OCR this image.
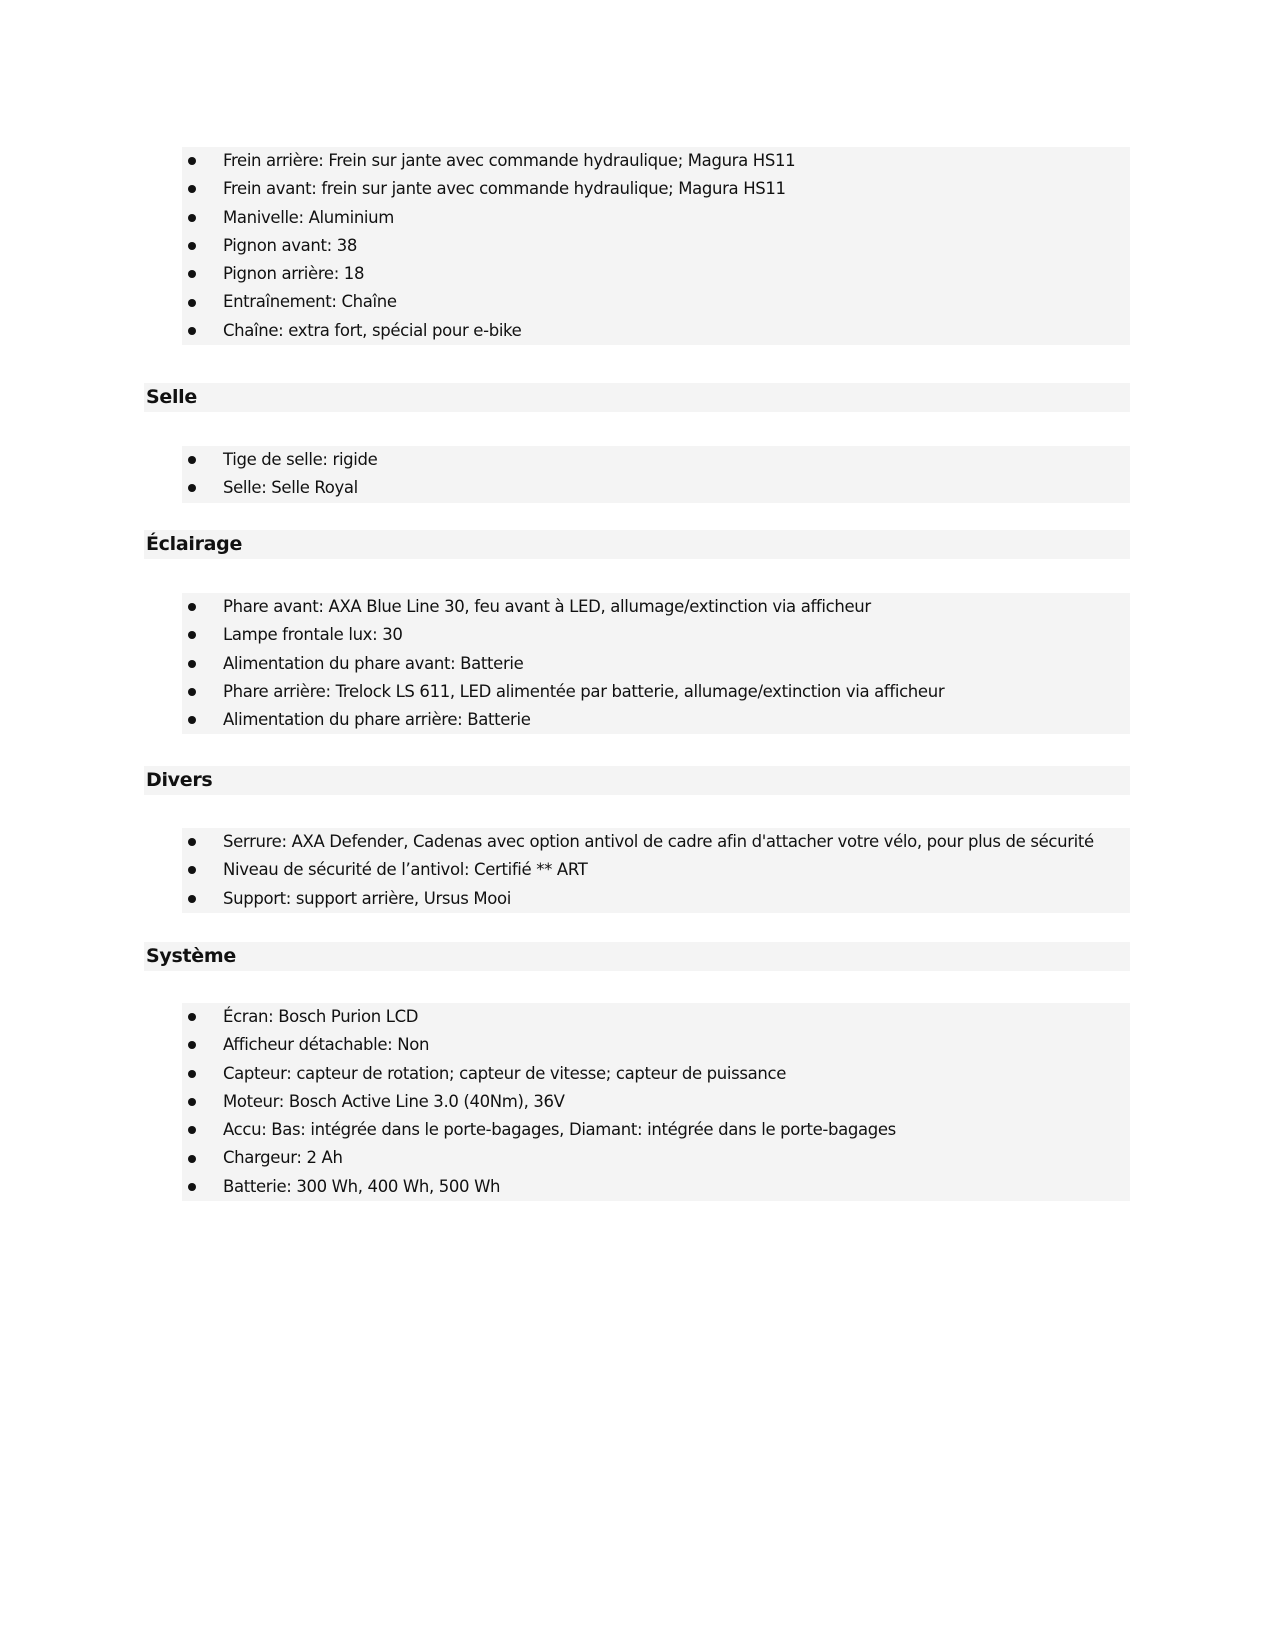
Frein arrière: Frein sur jante avec commande hydraulique; Magura HS11
Frein avant: frein sur jante avec commande hydraulique; Magura HS11
Manivelle: Aluminium
Pignon avant: 38
Pignon arrière: 18
Entraînement: Chaîne
Chaîne: extra fort, spécial pour e-bike
Selle
Tige de selle: rigide
Selle: Selle Royal
Éclairage
Phare avant: AXA Blue Line 30, feu avant à LED, allumage/extinction via afficheur
Lampe frontale lux: 30
Alimentation du phare avant: Batterie
Phare arrière: Trelock LS 611, LED alimentée par batterie, allumage/extinction via afficheur
Alimentation du phare arrière: Batterie
Divers
Serrure: AXA Defender, Cadenas avec option antivol de cadre afin d'attacher votre vélo, pour plus de sécurité
Niveau de sécurité de l’antivol: Certifié ** ART
Support: support arrière, Ursus Mooi
Système
Écran: Bosch Purion LCD
Afficheur détachable: Non
Capteur: capteur de rotation; capteur de vitesse; capteur de puissance
Moteur: Bosch Active Line 3.0 (40Nm), 36V
Accu: Bas: intégrée dans le porte-bagages, Diamant: intégrée dans le porte-bagages
Chargeur: 2 Ah
Batterie: 300 Wh, 400 Wh, 500 Wh
